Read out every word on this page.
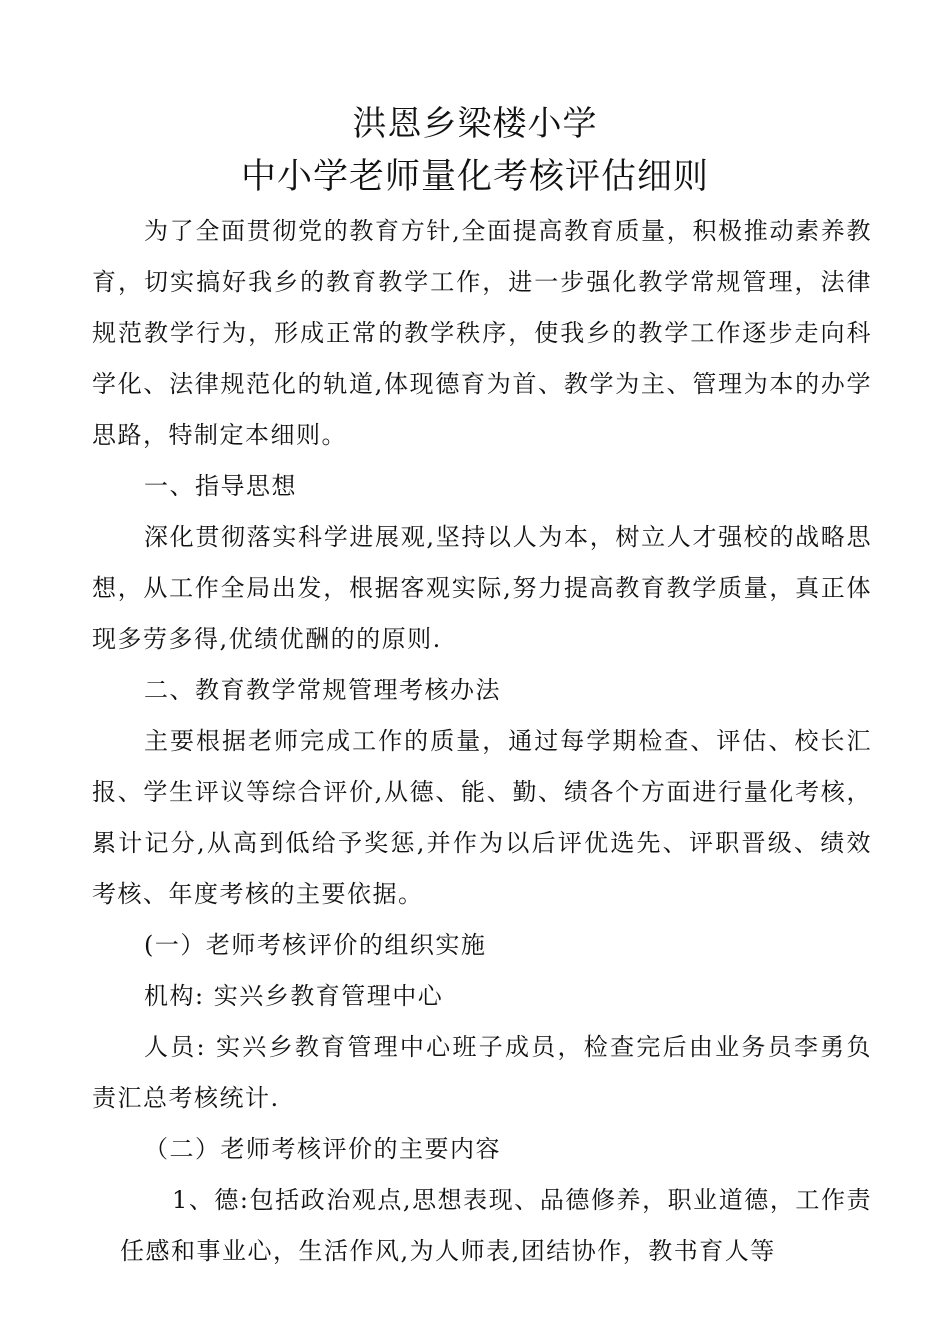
洪恩乡梁楼小学
中小学老师量化考核评估细则

为了全面贯彻党的教育方针,全面提高教育质量，积极推动素养教育，切实搞好我乡的教育教学工作，进一步强化教学常规管理，法律规范教学行为，形成正常的教学秩序，使我乡的教学工作逐步走向科学化、法律规范化的轨道,体现德育为首、教学为主、管理为本的办学思路，特制定本细则。

一、指导思想

深化贯彻落实科学进展观,坚持以人为本，树立人才强校的战略思想，从工作全局出发，根据客观实际,努力提高教育教学质量，真正体现多劳多得,优绩优酬的的原则.

二、教育教学常规管理考核办法

主要根据老师完成工作的质量，通过每学期检查、评估、校长汇报、学生评议等综合评价,从德、能、勤、绩各个方面进行量化考核，累计记分,从高到低给予奖惩,并作为以后评优选先、评职晋级、绩效考核、年度考核的主要依据。

(一）老师考核评价的组织实施

机构: 实兴乡教育管理中心

人员: 实兴乡教育管理中心班子成员，检查完后由业务员李勇负责汇总考核统计.

（二）老师考核评价的主要内容

1、德:包括政治观点,思想表现、品德修养，职业道德，工作责任感和事业心，生活作风,为人师表,团结协作，教书育人等
